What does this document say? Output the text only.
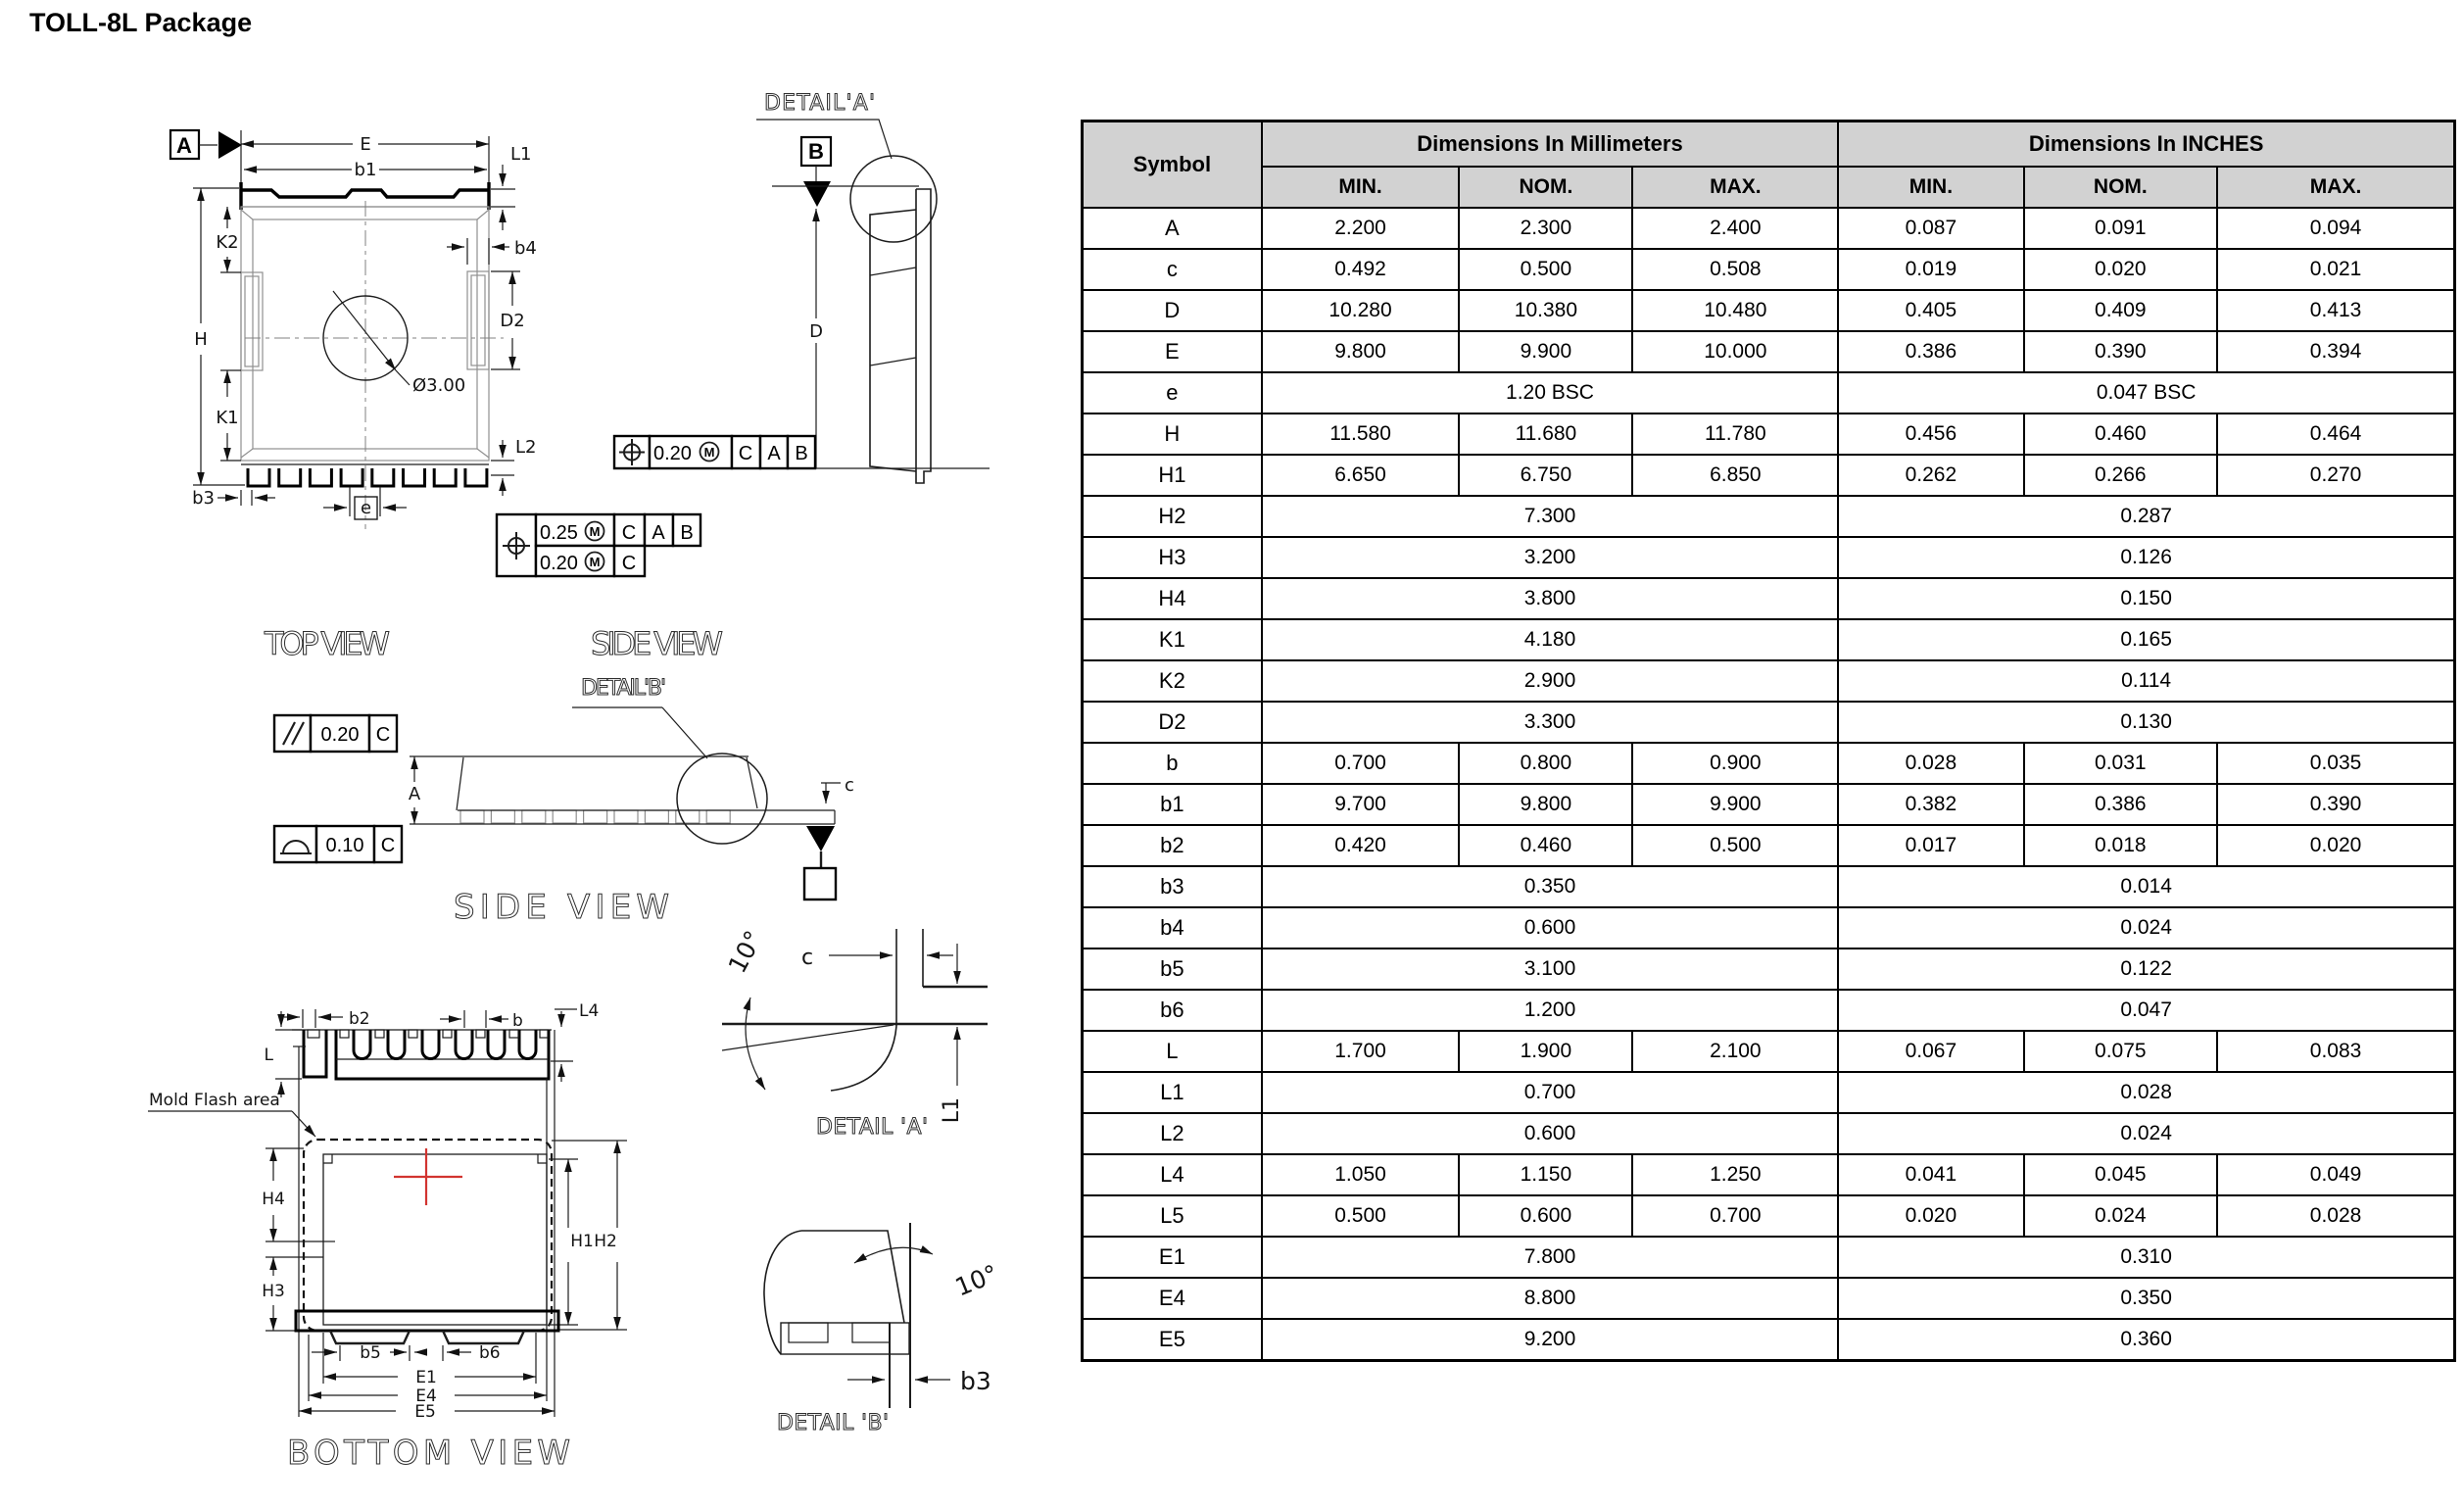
TOLL-8L Package
A	E
b1
L1
Ø3.00
K2
K1
H
b4
D2
b3	e
L2
0.25 M C A B
0.20 M C
TOP VIEW
DETAIL'A'
B
D
0.20 M C A B
SIDE VIEW
DETAIL'B'
0.20 C
A	c
0.10 C
SIDE VIEW
10° c
L1
DETAIL 'A'
10°
b3
DETAIL 'B'
b2	b	L4
L
Mold Flash area
H4
H3
H1 H2
b5	b6
E1
E4
E5
BOTTOM VIEW
Symbol	Dimensions In Millimeters			Dimensions In INCHES		
	MIN.	NOM.	MAX.	MIN.	NOM.	MAX.
A	2.200	2.300	2.400	0.087	0.091	0.094
c	0.492	0.500	0.508	0.019	0.020	0.021
D	10.280	10.380	10.480	0.405	0.409	0.413
E	9.800	9.900	10.000	0.386	0.390	0.394
e	1.20 BSC			0.047 BSC		
H	11.580	11.680	11.780	0.456	0.460	0.464
H1	6.650	6.750	6.850	0.262	0.266	0.270
H2	7.300			0.287		
H3	3.200			0.126		
H4	3.800			0.150		
K1	4.180			0.165		
K2	2.900			0.114		
D2	3.300			0.130		
b	0.700	0.800	0.900	0.028	0.031	0.035
b1	9.700	9.800	9.900	0.382	0.386	0.390
b2	0.420	0.460	0.500	0.017	0.018	0.020
b3	0.350			0.014		
b4	0.600			0.024		
b5	3.100			0.122		
b6	1.200			0.047		
L	1.700	1.900	2.100	0.067	0.075	0.083
L1	0.700			0.028		
L2	0.600			0.024		
L4	1.050	1.150	1.250	0.041	0.045	0.049
L5	0.500	0.600	0.700	0.020	0.024	0.028
E1	7.800			0.310		
E4	8.800			0.350		
E5	9.200			0.360		
